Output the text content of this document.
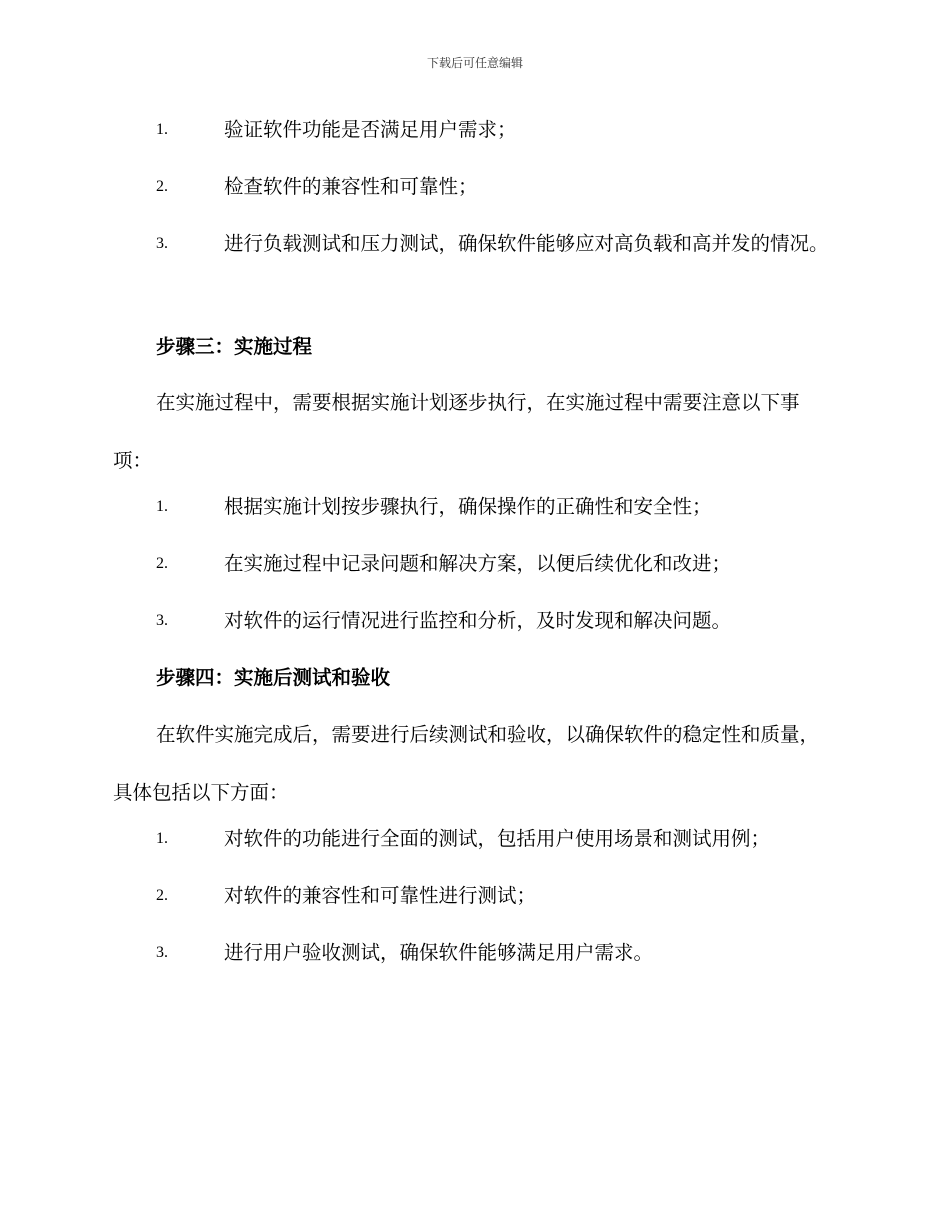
下载后可任意编辑
1.	验证软件功能是否满足用户需求；
2.	检查软件的兼容性和可靠性；
3.	进行负载测试和压力测试，确保软件能够应对高负载和高并发的情况。
步骤三：实施过程
在实施过程中，需要根据实施计划逐步执行，在实施过程中需要注意以下事项：
1.	根据实施计划按步骤执行，确保操作的正确性和安全性；
2.	在实施过程中记录问题和解决方案，以便后续优化和改进；
3.	对软件的运行情况进行监控和分析，及时发现和解决问题。
步骤四：实施后测试和验收
在软件实施完成后，需要进行后续测试和验收，以确保软件的稳定性和质量，具体包括以下方面：
1.	对软件的功能进行全面的测试，包括用户使用场景和测试用例；
2.	对软件的兼容性和可靠性进行测试；
3.	进行用户验收测试，确保软件能够满足用户需求。
